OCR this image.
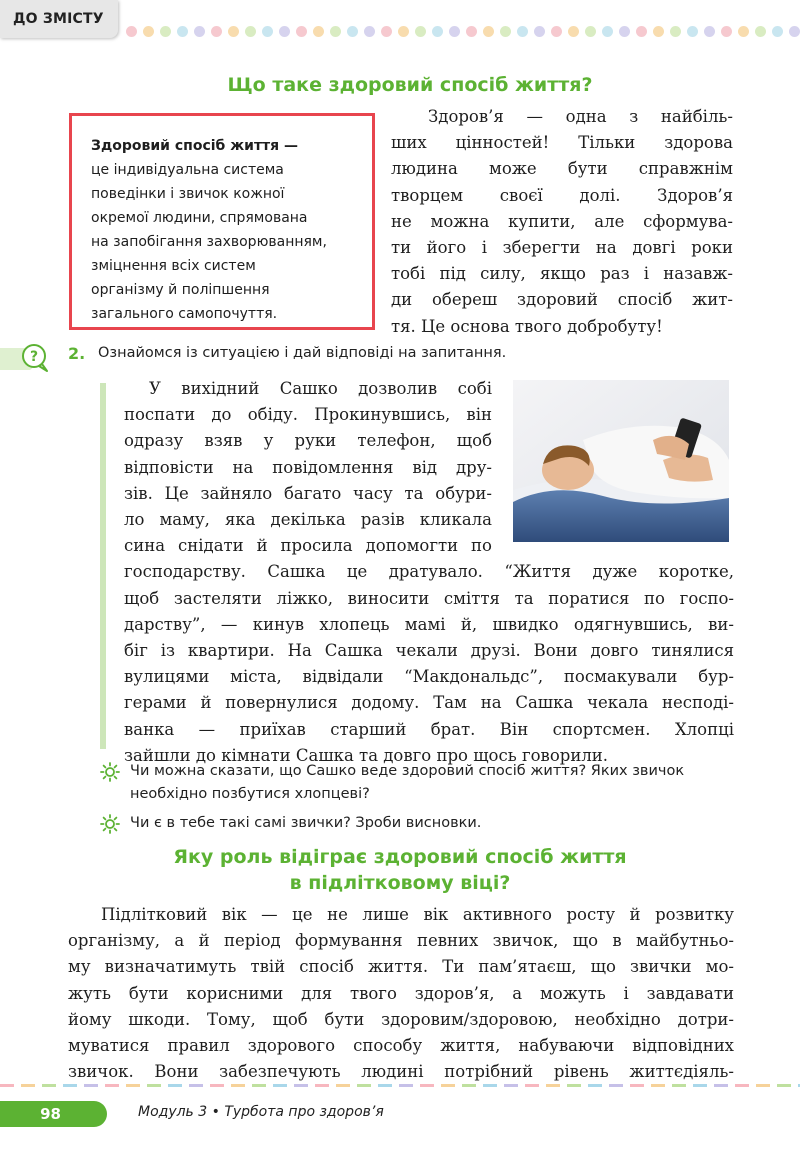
ДО ЗМІСТУ
Що таке здоровий спосіб життя?
Здоровий спосіб життя —
це індивідуальна система
поведінки і звичок кожної
окремої людини, спрямована
на запобігання захворюванням,
зміцнення всіх систем
організму й поліпшення
загального самопочуття.
Здоров’я — одна з найбіль-
ших цінностей! Тільки здорова
людина може бути справжнім
творцем своєї долі. Здоров’я
не можна купити, але сформува-
ти його і зберегти на довгі роки
тобі під силу, якщо раз і назавж-
ди обереш здоровий спосіб жит-
тя. Це основа твого добробуту!
? 2. Ознайомся із ситуацією і дай відповіді на запитання.
У вихідний Сашко дозволив собі
поспати до обіду. Прокинувшись, він
одразу взяв у руки телефон, щоб
відповісти на повідомлення від дру-
зів. Це зайняло багато часу та обури-
ло маму, яка декілька разів кликала
сина снідати й просила допомогти по
господарству. Сашка це дратувало. “Життя дуже коротке,
щоб застеляти ліжко, виносити сміття та поратися по госпо-
дарству”, — кинув хлопець мамі й, швидко одягнувшись, ви-
біг із квартири. На Сашка чекали друзі. Вони довго тинялися
вулицями міста, відвідали “Макдональдс”, посмакували бур-
герами й повернулися додому. Там на Сашка чекала несподі-
ванка — приїхав старший брат. Він спортсмен. Хлопці
зайшли до кімнати Сашка та довго про щось говорили.
Чи можна сказати, що Сашко веде здоровий спосіб життя? Яких звичок
необхідно позбутися хлопцеві?
Чи є в тебе такі самі звички? Зроби висновки.
Яку роль відіграє здоровий спосіб життя
в підлітковому віці?
Підлітковий вік — це не лише вік активного росту й розвитку
організму, а й період формування певних звичок, що в майбутньо-
му визначатимуть твій спосіб життя. Ти пам’ятаєш, що звички мо-
жуть бути корисними для твого здоров’я, а можуть і завдавати
йому шкоди. Тому, щоб бути здоровим/здоровою, необхідно дотри-
муватися правил здорового способу життя, набуваючи відповідних
звичок. Вони забезпечують людині потрібний рівень життєдіяль-
98	Модуль 3 • Турбота про здоров’я
